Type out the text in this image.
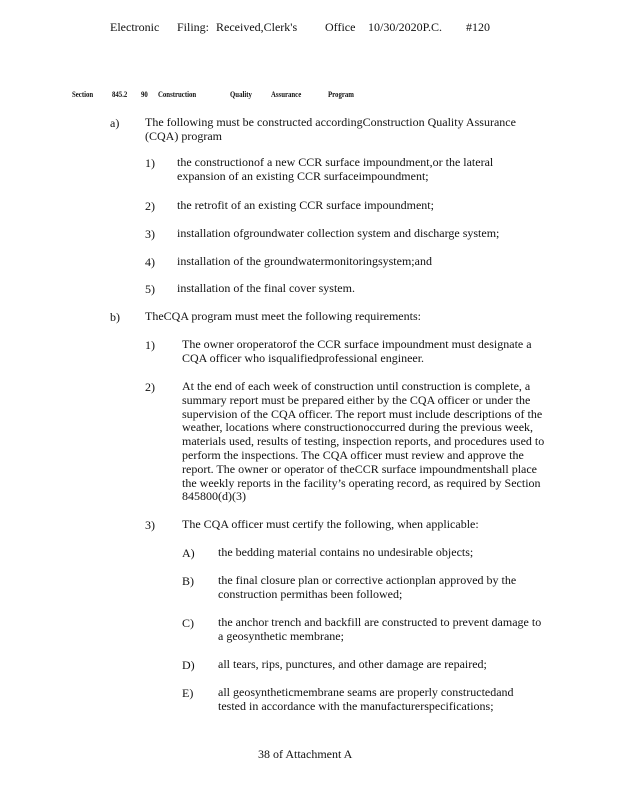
Electronic Filing: Received,Clerk's Office 10/30/2020P.C. #120
Section 845.2 90 Construction	Quality Assurance	Program
a) The following must be constructed accordingConstruction Quality Assurance
(CQA) program
1) the constructionof a new CCR surface impoundment,or the lateral
expansion of an existing CCR surfaceimpoundment;
2) the retrofit of an existing CCR surface impoundment;
3) installation ofgroundwater collection system and discharge system;
4) installation of the groundwatermonitoringsystem;and
5) installation of the final cover system.
b) TheCQA program must meet the following requirements:
1) The owner oroperatorof the CCR surface impoundment must designate a
CQA officer who isqualifiedprofessional engineer.
2) At the end of each week of construction until construction is complete, a
summary report must be prepared either by the CQA officer or under the
supervision of the CQA officer. The report must include descriptions of the
weather, locations where constructionoccurred during the previous week,
materials used, results of testing, inspection reports, and procedures used to
perform the inspections. The CQA officer must review and approve the
report. The owner or operator of theCCR surface impoundmentshall place
the weekly reports in the facility’s operating record, as required by Section
845800(d)(3)
3) The CQA officer must certify the following, when applicable:
A) the bedding material contains no undesirable objects;
B) the final closure plan or corrective actionplan approved by the
construction permithas been followed;
C) the anchor trench and backfill are constructed to prevent damage to
a geosynthetic membrane;
D) all tears, rips, punctures, and other damage are repaired;
E) all geosyntheticmembrane seams are properly constructedand
tested in accordance with the manufacturerspecifications;
38 of Attachment A
